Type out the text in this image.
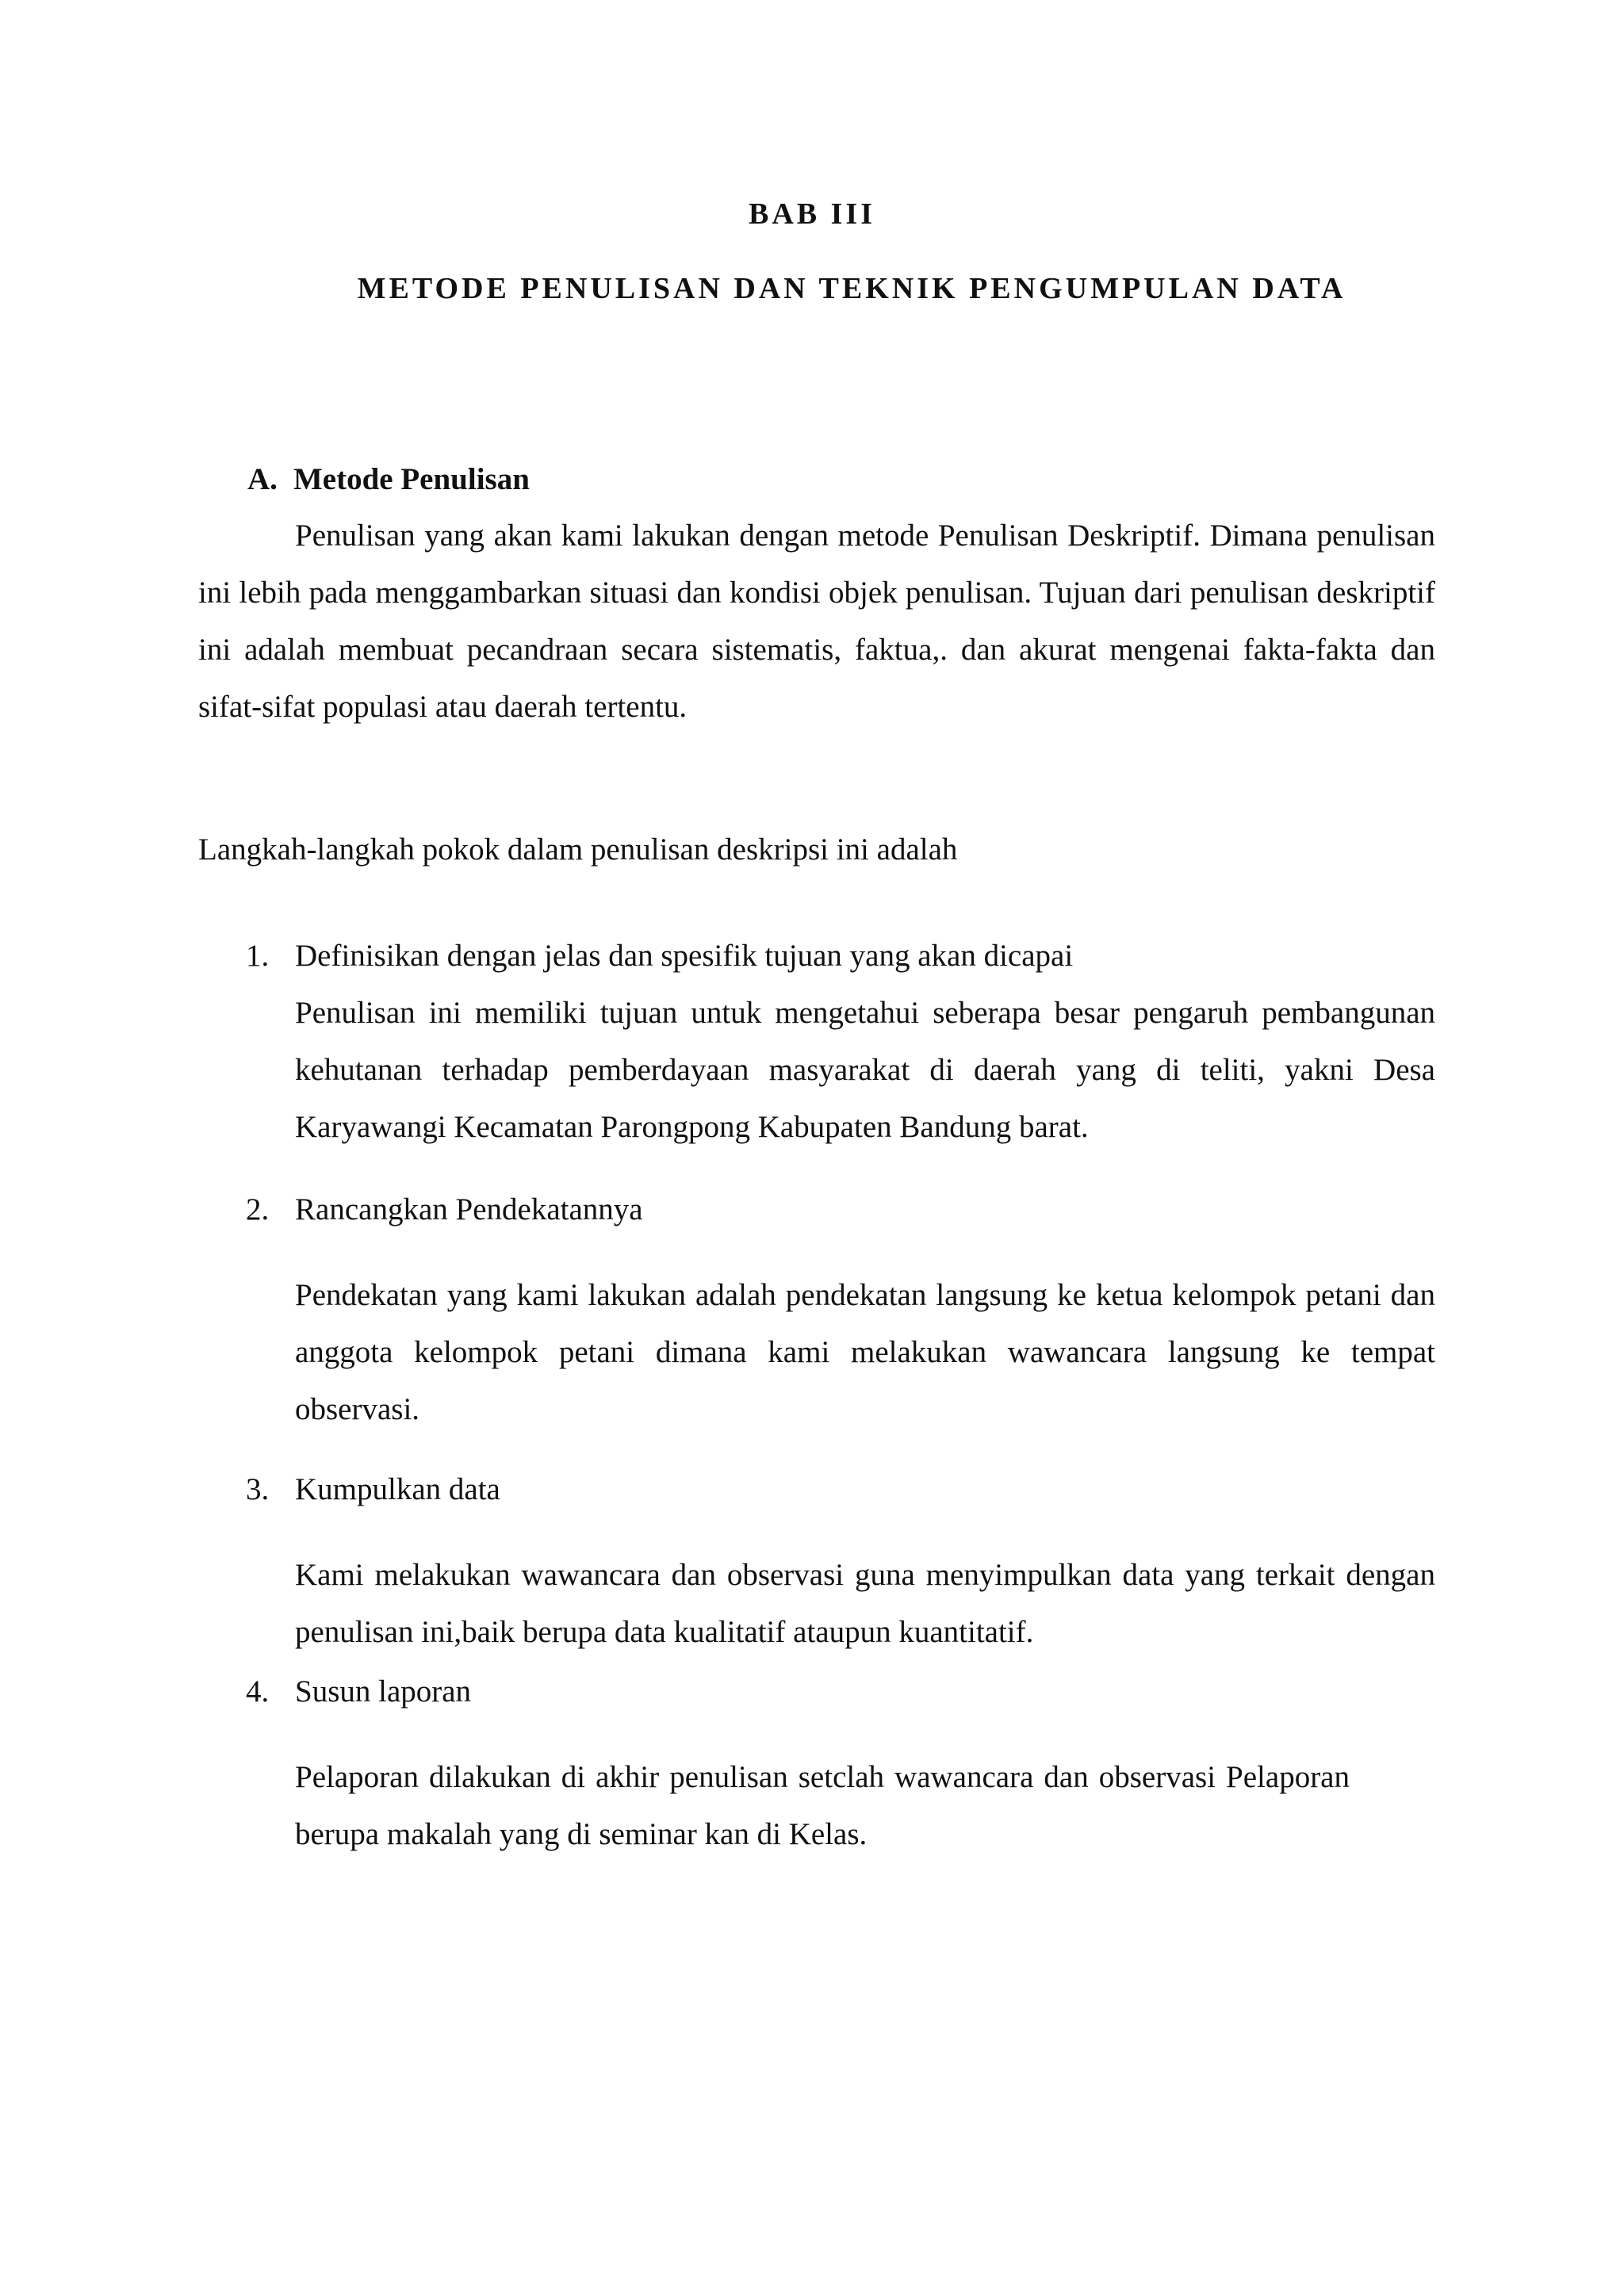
BAB III
METODE PENULISAN DAN TEKNIK PENGUMPULAN DATA
A. Metode Penulisan
Penulisan yang akan kami lakukan dengan metode Penulisan Deskriptif. Dimana penulisan ini lebih pada menggambarkan situasi dan kondisi objek penulisan. Tujuan dari penulisan deskriptif ini adalah membuat pecandraan secara sistematis, faktua,. dan akurat mengenai fakta-fakta dan sifat-sifat populasi atau daerah tertentu.
Langkah-langkah pokok dalam penulisan deskripsi ini adalah
1. Definisikan dengan jelas dan spesifik tujuan yang akan dicapai
Penulisan ini memiliki tujuan untuk mengetahui seberapa besar pengaruh pembangunan kehutanan terhadap pemberdayaan masyarakat di daerah yang di teliti, yakni Desa Karyawangi Kecamatan Parongpong Kabupaten Bandung barat.
2. Rancangkan Pendekatannya
Pendekatan yang kami lakukan adalah pendekatan langsung ke ketua kelompok petani dan anggota kelompok petani dimana kami melakukan wawancara langsung ke tempat observasi.
3. Kumpulkan data
Kami melakukan wawancara dan observasi guna menyimpulkan data yang terkait dengan penulisan ini,baik berupa data kualitatif ataupun kuantitatif.
4. Susun laporan
Pelaporan dilakukan di akhir penulisan setclah wawancara dan observasi Pelaporan berupa makalah yang di seminar kan di Kelas.
